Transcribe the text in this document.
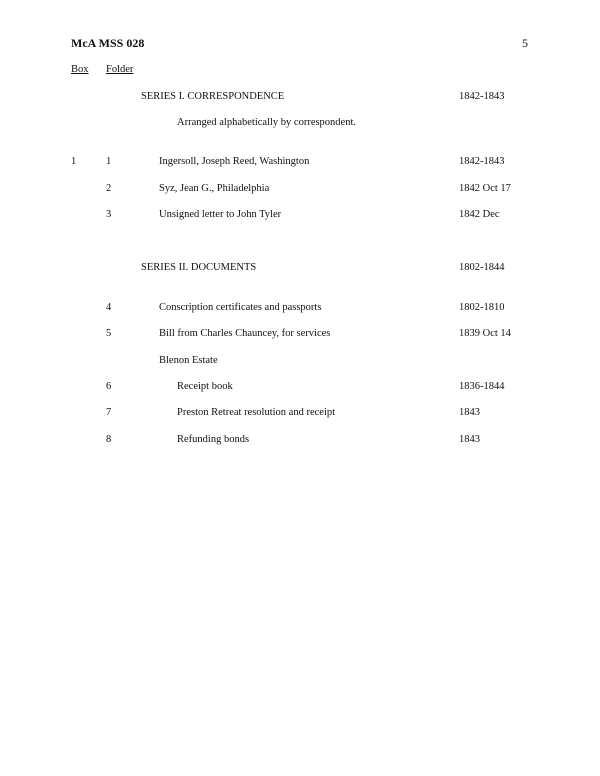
McA MSS 028	5
Box Folder
SERIES I. CORRESPONDENCE	1842-1843
Arranged alphabetically by correspondent.
1	1	Ingersoll, Joseph Reed, Washington	1842-1843
2	Syz, Jean G., Philadelphia	1842 Oct 17
3	Unsigned letter to John Tyler	1842 Dec
SERIES II. DOCUMENTS	1802-1844
4	Conscription certificates and passports	1802-1810
5	Bill from Charles Chauncey, for services	1839 Oct 14
Blenon Estate
6	Receipt book	1836-1844
7	Preston Retreat resolution and receipt	1843
8	Refunding bonds	1843
